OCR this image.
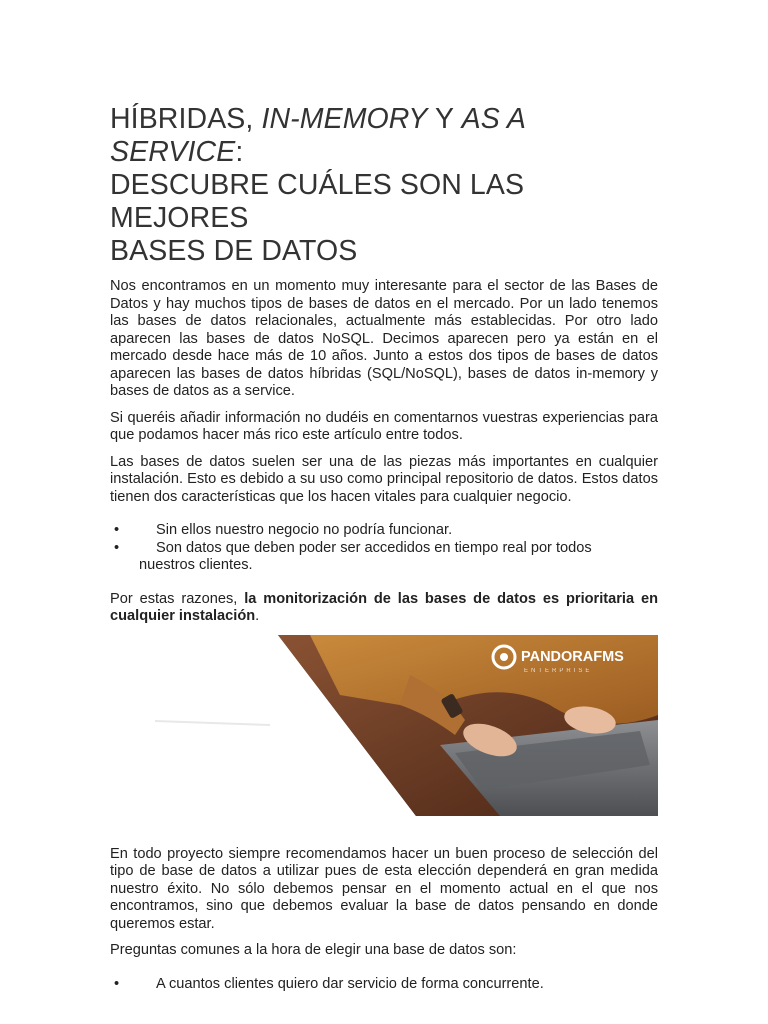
HÍBRIDAS, IN-MEMORY Y AS A SERVICE:
DESCUBRE CUÁLES SON LAS MEJORES
BASES DE DATOS

Nos encontramos en un momento muy interesante para el sector de las Bases de Datos y hay muchos tipos de bases de datos en el mercado. Por un lado tenemos las bases de datos relacionales, actualmente más establecidas. Por otro lado aparecen las bases de datos NoSQL. Decimos aparecen pero ya están en el mercado desde hace más de 10 años. Junto a estos dos tipos de bases de datos aparecen las bases de datos híbridas (SQL/NoSQL), bases de datos in-memory y bases de datos as a service.

Si queréis añadir información no dudéis en comentarnos vuestras experiencias para que podamos hacer más rico este artículo entre todos.

Las bases de datos suelen ser una de las piezas más importantes en cualquier instalación. Esto es debido a su uso como principal repositorio de datos. Estos datos tienen dos características que los hacen vitales para cualquier negocio.

•	Sin ellos nuestro negocio no podría funcionar.
•	Son datos que deben poder ser accedidos en tiempo real por todos
nuestros clientes.

Por estas razones, la monitorización de las bases de datos es prioritaria en cualquier instalación.

PANDORAFMS
ENTERPRISE

En todo proyecto siempre recomendamos hacer un buen proceso de selección del tipo de base de datos a utilizar pues de esta elección dependerá en gran medida nuestro éxito. No sólo debemos pensar en el momento actual en el que nos encontramos, sino que debemos evaluar la base de datos pensando en donde queremos estar.

Preguntas comunes a la hora de elegir una base de datos son:

•	A cuantos clientes quiero dar servicio de forma concurrente.
